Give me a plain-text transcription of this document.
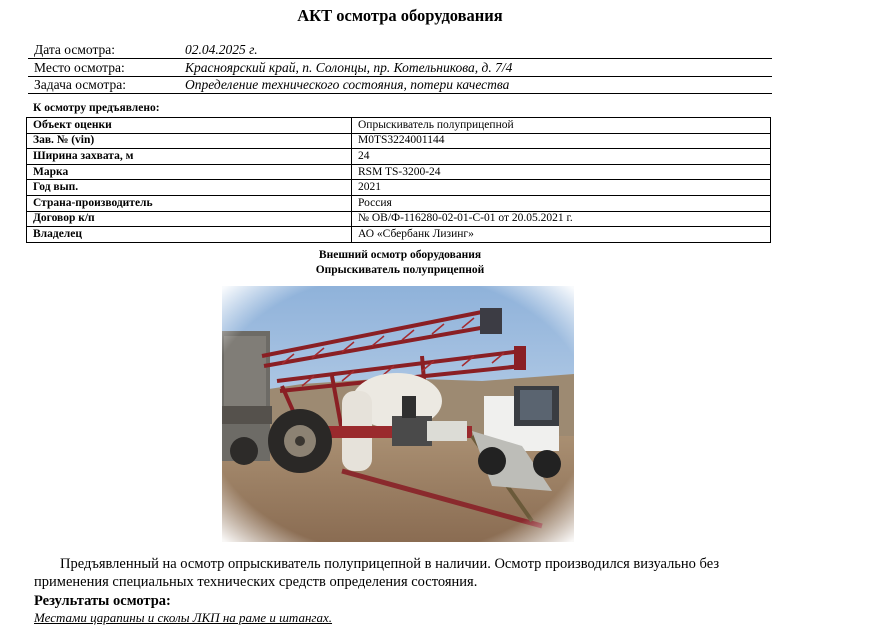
АКТ осмотра оборудования
Дата осмотра:	02.04.2025 г.
Место осмотра:	Красноярский край, п. Солонцы, пр. Котельникова, д. 7/4
Задача осмотра:	Определение технического состояния, потери качества
К осмотру предъявлено:
Объект оценки	Опрыскиватель полуприцепной
Зав. № (vin)	M0TS3224001144
Ширина захвата, м	24
Марка	RSM TS-3200-24
Год вып.	2021
Страна-производитель	Россия
Договор к/п	№ ОВ/Ф-116280-02-01-С-01 от 20.05.2021 г.
Владелец	АО «Сбербанк Лизинг»
Внешний осмотр оборудования
Опрыскиватель полуприцепной
Предъявленный на осмотр опрыскиватель полуприцепной в наличии. Осмотр производился визуально без применения специальных технических средств определения состояния.
Результаты осмотра:
Местами царапины и сколы ЛКП на раме и штангах.
